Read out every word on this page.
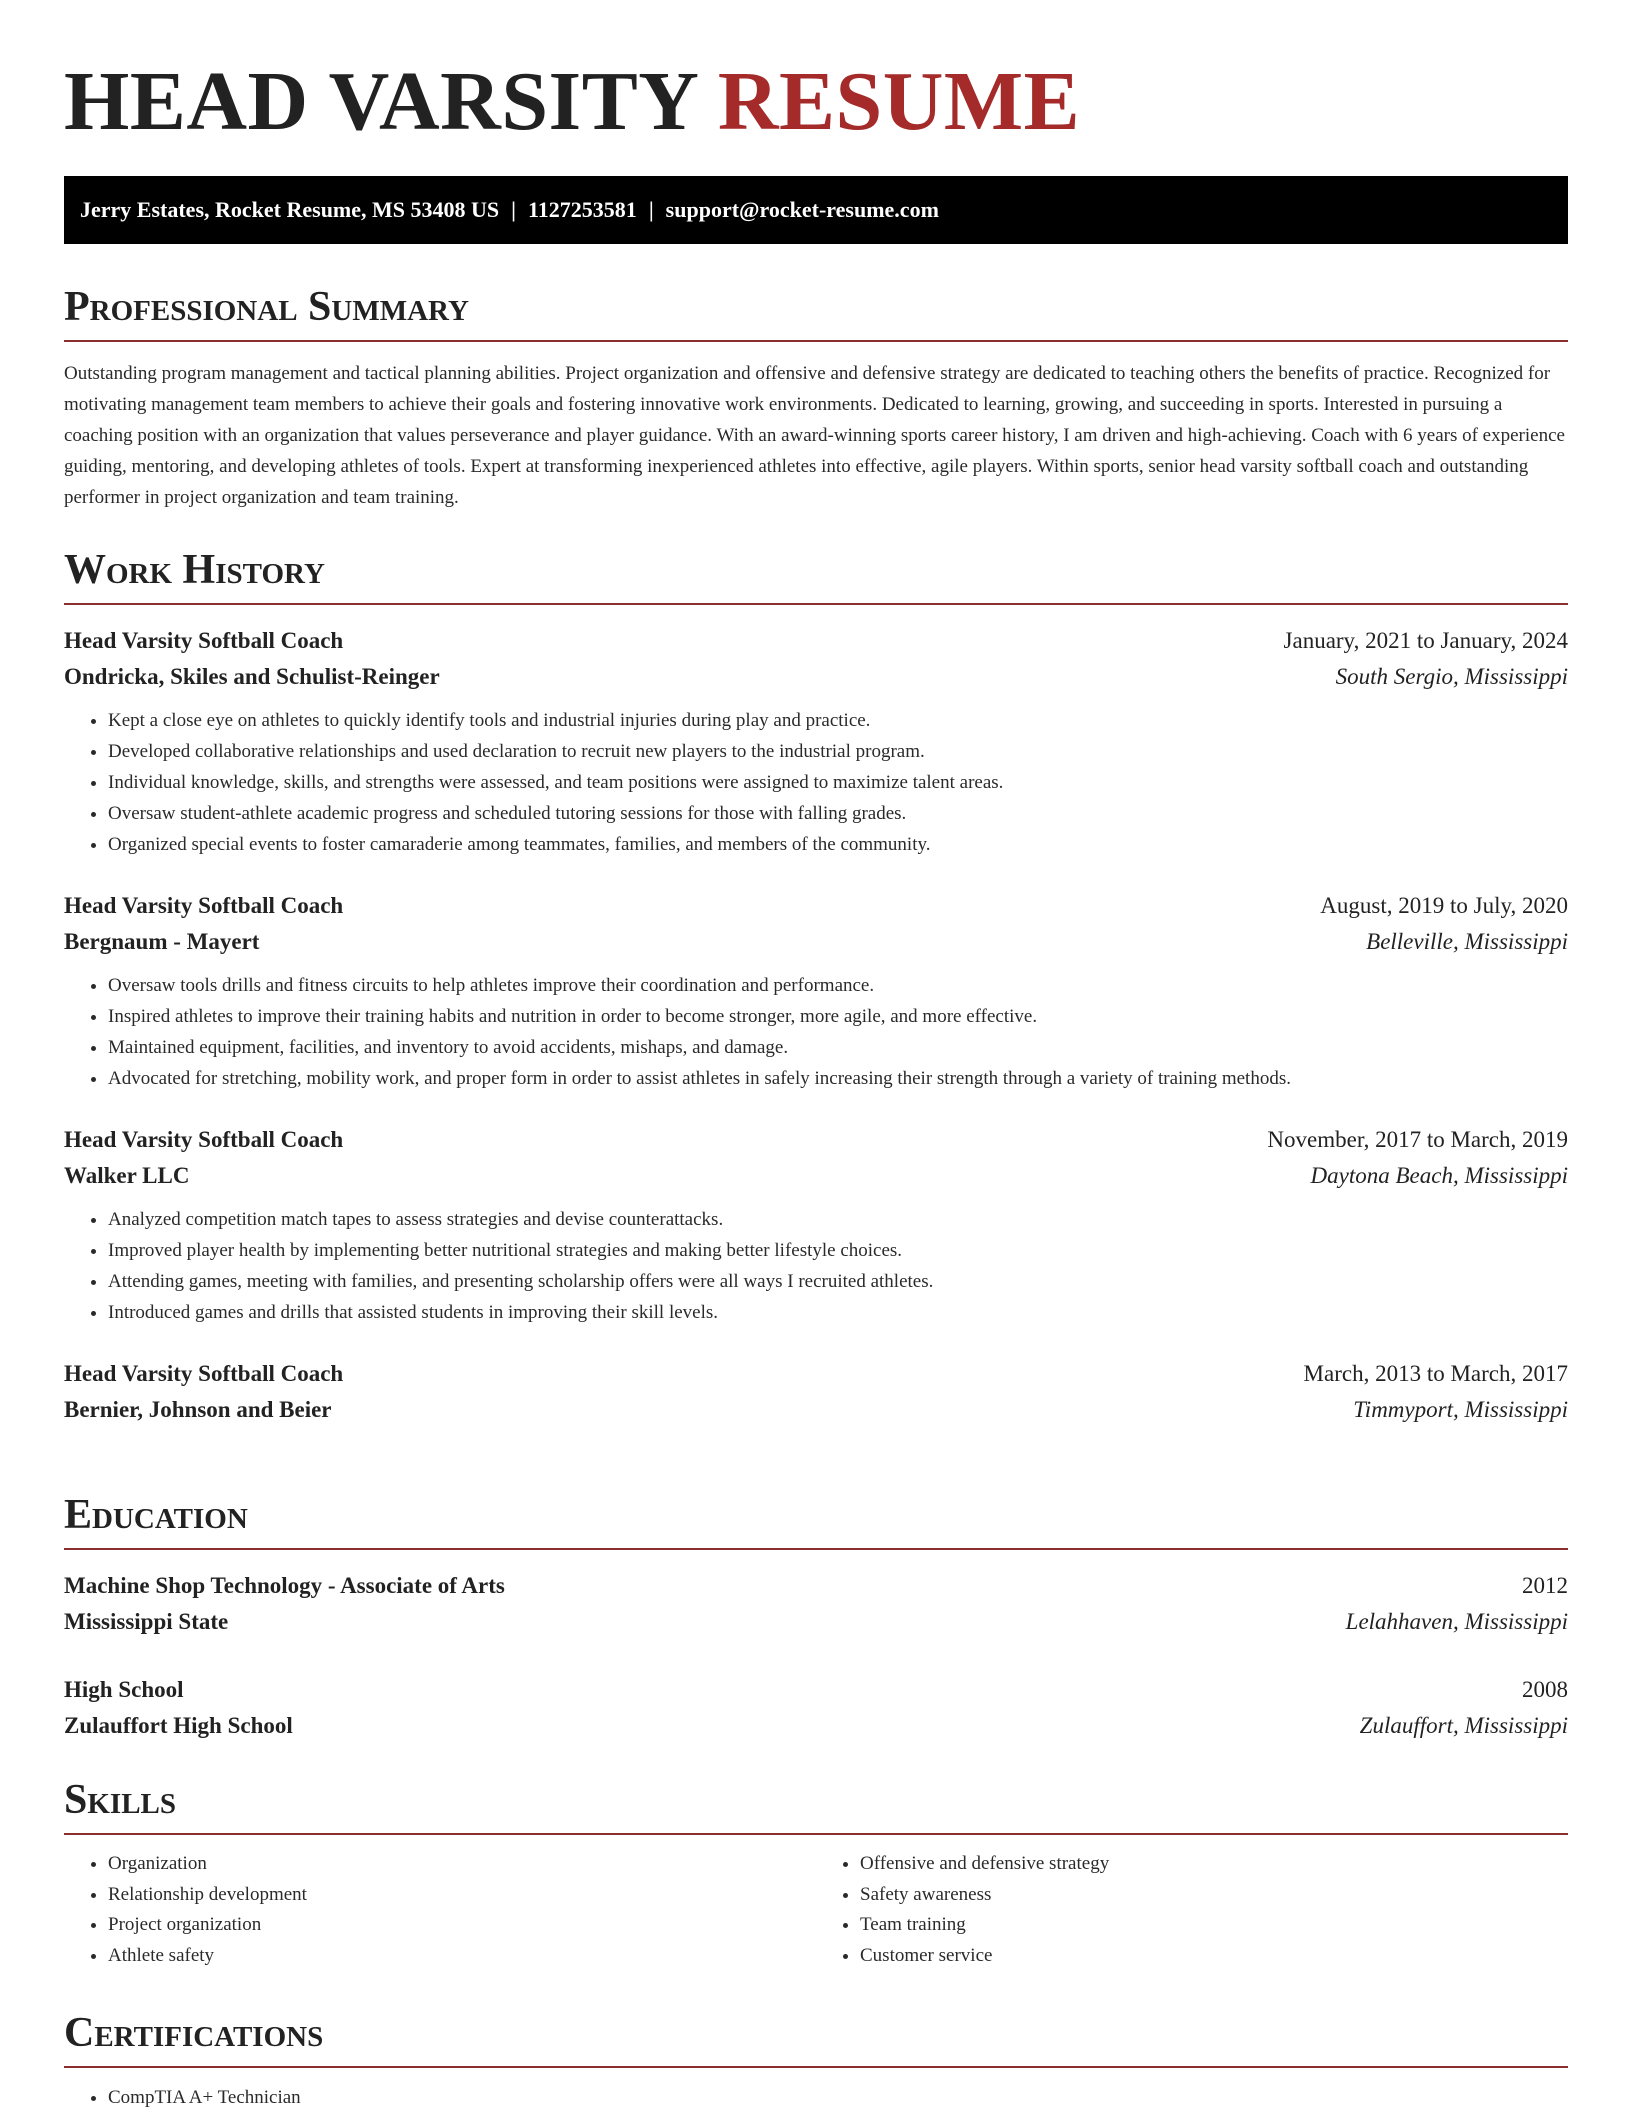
HEAD VARSITY RESUME
Jerry Estates, Rocket Resume, MS 53408 US | 1127253581 | support@rocket-resume.com
Professional Summary

Outstanding program management and tactical planning abilities. Project organization and offensive and defensive strategy are dedicated to teaching others the benefits of practice. Recognized for motivating management team members to achieve their goals and fostering innovative work environments. Dedicated to learning, growing, and succeeding in sports. Interested in pursuing a coaching position with an organization that values perseverance and player guidance. With an award-winning sports career history, I am driven and high-achieving. Coach with 6 years of experience guiding, mentoring, and developing athletes of tools. Expert at transforming inexperienced athletes into effective, agile players. Within sports, senior head varsity softball coach and outstanding performer in project organization and team training.

Work History
Head Varsity Softball Coach	January, 2021 to January, 2024
Ondricka, Skiles and Schulist-Reinger	South Sergio, Mississippi
• Kept a close eye on athletes to quickly identify tools and industrial injuries during play and practice.
• Developed collaborative relationships and used declaration to recruit new players to the industrial program.
• Individual knowledge, skills, and strengths were assessed, and team positions were assigned to maximize talent areas.
• Oversaw student-athlete academic progress and scheduled tutoring sessions for those with falling grades.
• Organized special events to foster camaraderie among teammates, families, and members of the community.
Head Varsity Softball Coach	August, 2019 to July, 2020
Bergnaum - Mayert	Belleville, Mississippi
• Oversaw tools drills and fitness circuits to help athletes improve their coordination and performance.
• Inspired athletes to improve their training habits and nutrition in order to become stronger, more agile, and more effective.
• Maintained equipment, facilities, and inventory to avoid accidents, mishaps, and damage.
• Advocated for stretching, mobility work, and proper form in order to assist athletes in safely increasing their strength through a variety of training methods.
Head Varsity Softball Coach	November, 2017 to March, 2019
Walker LLC	Daytona Beach, Mississippi
• Analyzed competition match tapes to assess strategies and devise counterattacks.
• Improved player health by implementing better nutritional strategies and making better lifestyle choices.
• Attending games, meeting with families, and presenting scholarship offers were all ways I recruited athletes.
• Introduced games and drills that assisted students in improving their skill levels.
Head Varsity Softball Coach	March, 2013 to March, 2017
Bernier, Johnson and Beier	Timmyport, Mississippi
Education
Machine Shop Technology - Associate of Arts	2012
Mississippi State	Lelahhaven, Mississippi
High School	2008
Zulauffort High School	Zulauffort, Mississippi
Skills
• Organization
• Relationship development
• Project organization
• Athlete safety
• Offensive and defensive strategy
• Safety awareness
• Team training
• Customer service
Certifications
• CompTIA A+ Technician
